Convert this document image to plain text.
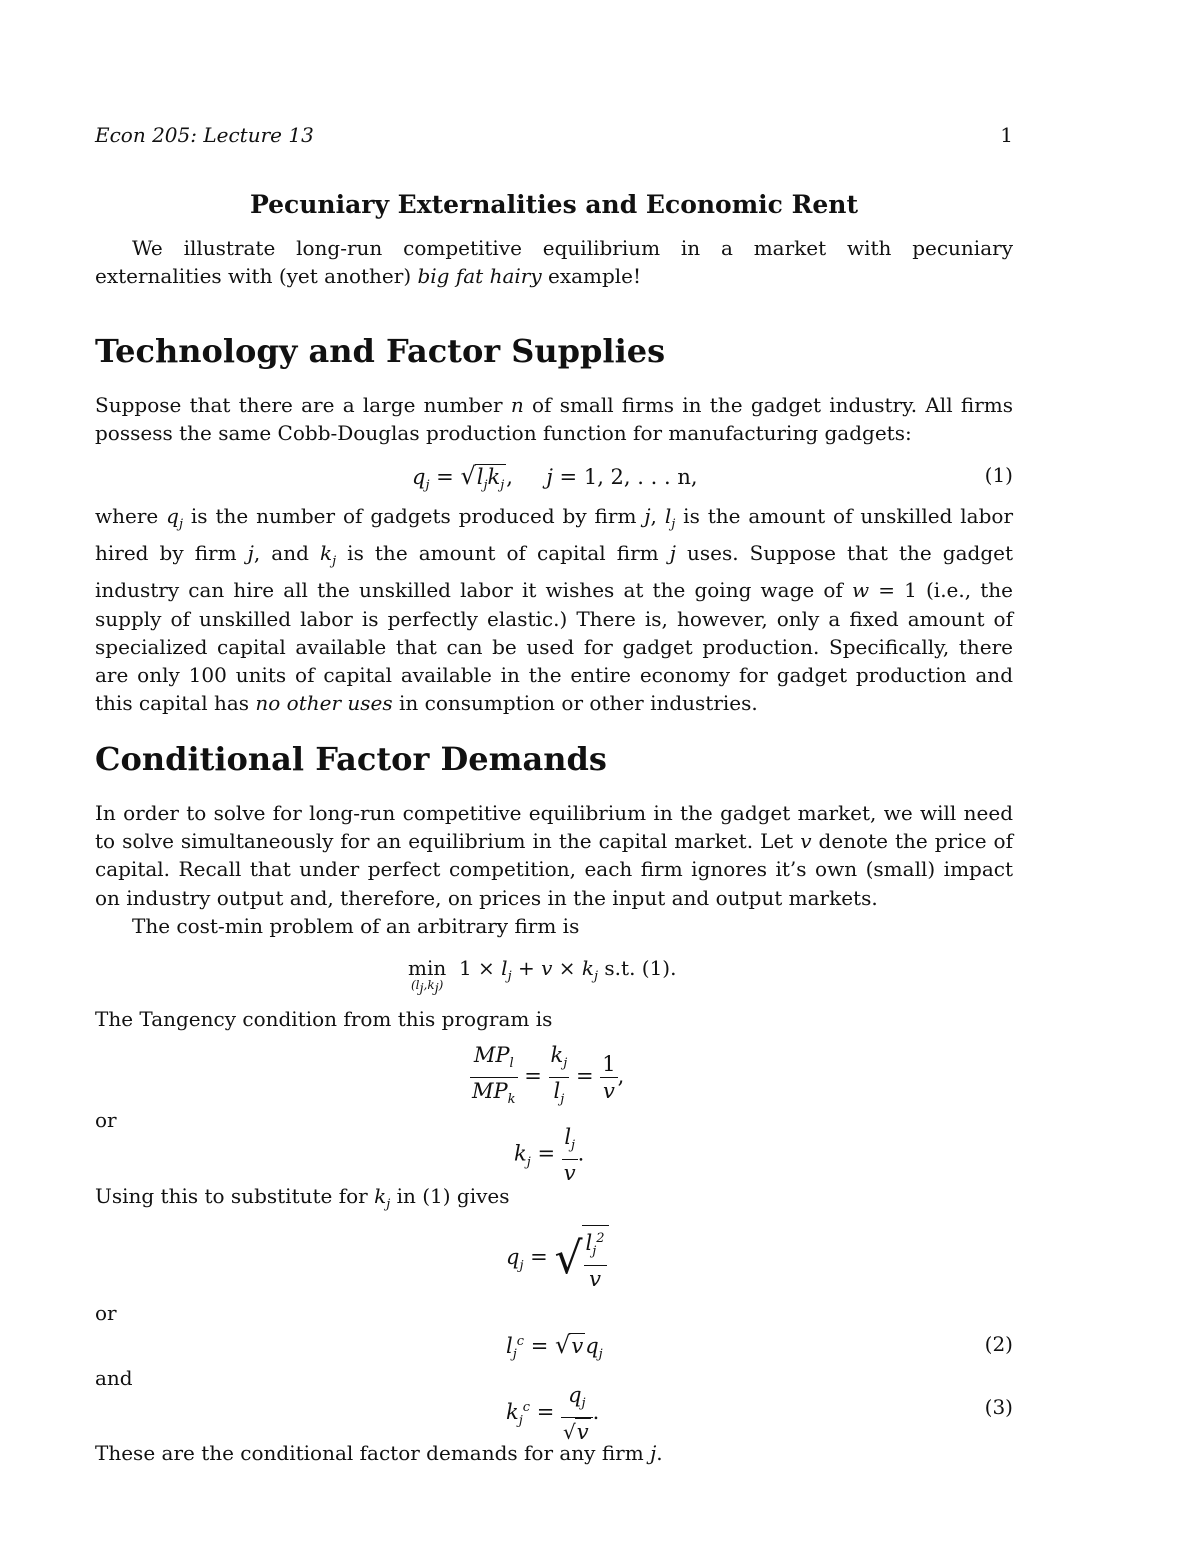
Econ 205: Lecture 13	1
Pecuniary Externalities and Economic Rent
We illustrate long-run competitive equilibrium in a market with pecuniary externalities with (yet another) big fat hairy example!
Technology and Factor Supplies
Suppose that there are a large number n of small firms in the gadget industry. All firms possess the same Cobb-Douglas production function for manufacturing gadgets:
$q_j = √l_jk_j$,     j = 1, 2, . . . n,	(1)
where $q_j$ is the number of gadgets produced by firm j, $l_j$ is the amount of unskilled labor hired by firm j, and $k_j$ is the amount of capital firm j uses. Suppose that the gadget industry can hire all the unskilled labor it wishes at the going wage of w = 1 (i.e., the supply of unskilled labor is perfectly elastic.) There is, however, only a fixed amount of specialized capital available that can be used for gadget production. Specifically, there are only 100 units of capital available in the entire economy for gadget production and this capital has no other uses in consumption or other industries.
Conditional Factor Demands
In order to solve for long-run competitive equilibrium in the gadget market, we will need to solve simultaneously for an equilibrium in the capital market. Let v denote the price of capital. Recall that under perfect competition, each firm ignores it’s own (small) impact on industry output and, therefore, on prices in the input and output markets.
The cost-min problem of an arbitrary firm is
min
$(l_j,k_j)$
$1 \times l_j + v \times k_j$ s.t. (1).
The Tangency condition from this program is
$\frac{MP_l}{MP_k} = \frac{k_j}{l_j} = \frac{1}{v}$ ,
or
$k_j = \frac{l_j}{v}$ .
Using this to substitute for $k_j$ in (1) gives
$q_j$ = √ $\frac{l_j^2}{v}$
or
$l_j^c = √vq_j$	(2)
and
$k_j^c = \frac{q_j}{√v}$ .	(3)
These are the conditional factor demands for any firm j.
